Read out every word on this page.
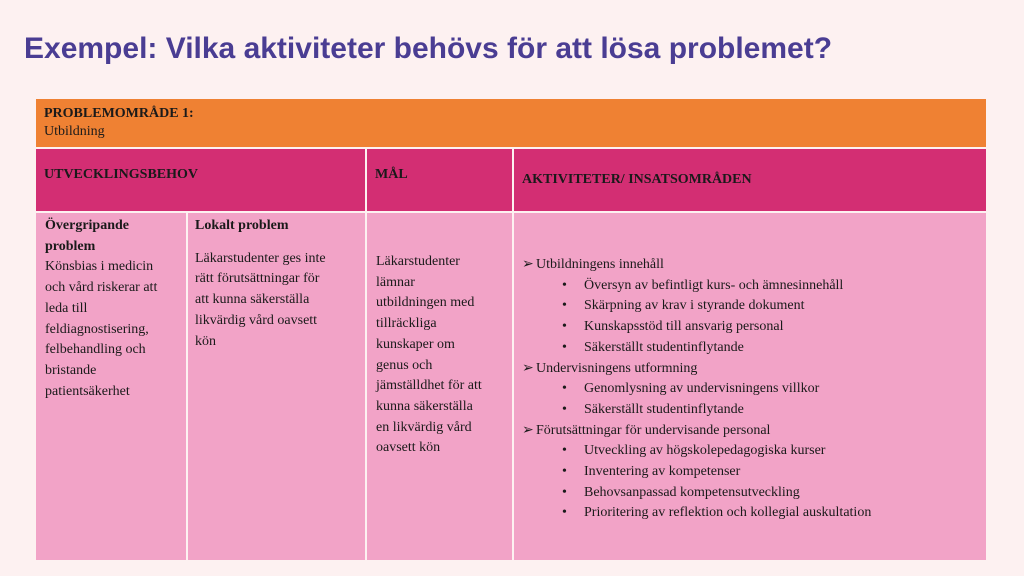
Exempel: Vilka aktiviteter behövs för att lösa problemet?
PROBLEMOMRÅDE 1:
Utbildning
UTVECKLINGSBEHOV	MÅL	AKTIVITETER/ INSATSOMRÅDEN
Övergripande
problem
Könsbias i medicin
och vård riskerar att
leda till
feldiagnostisering,
felbehandling och
bristande
patientsäkerhet
Lokalt problem
Läkarstudenter ges inte
rätt förutsättningar för
att kunna säkerställa
likvärdig vård oavsett
kön
Läkarstudenter
lämnar
utbildningen med
tillräckliga
kunskaper om
genus och
jämställdhet för att
kunna säkerställa
en likvärdig vård
oavsett kön
➢ Utbildningens innehåll
• Översyn av befintligt kurs- och ämnesinnehåll
• Skärpning av krav i styrande dokument
• Kunskapsstöd till ansvarig personal
• Säkerställt studentinflytande
➢ Undervisningens utformning
• Genomlysning av undervisningens villkor
• Säkerställt studentinflytande
➢ Förutsättningar för undervisande personal
• Utveckling av högskolepedagogiska kurser
• Inventering av kompetenser
• Behovsanpassad kompetensutveckling
• Prioritering av reflektion och kollegial auskultation
